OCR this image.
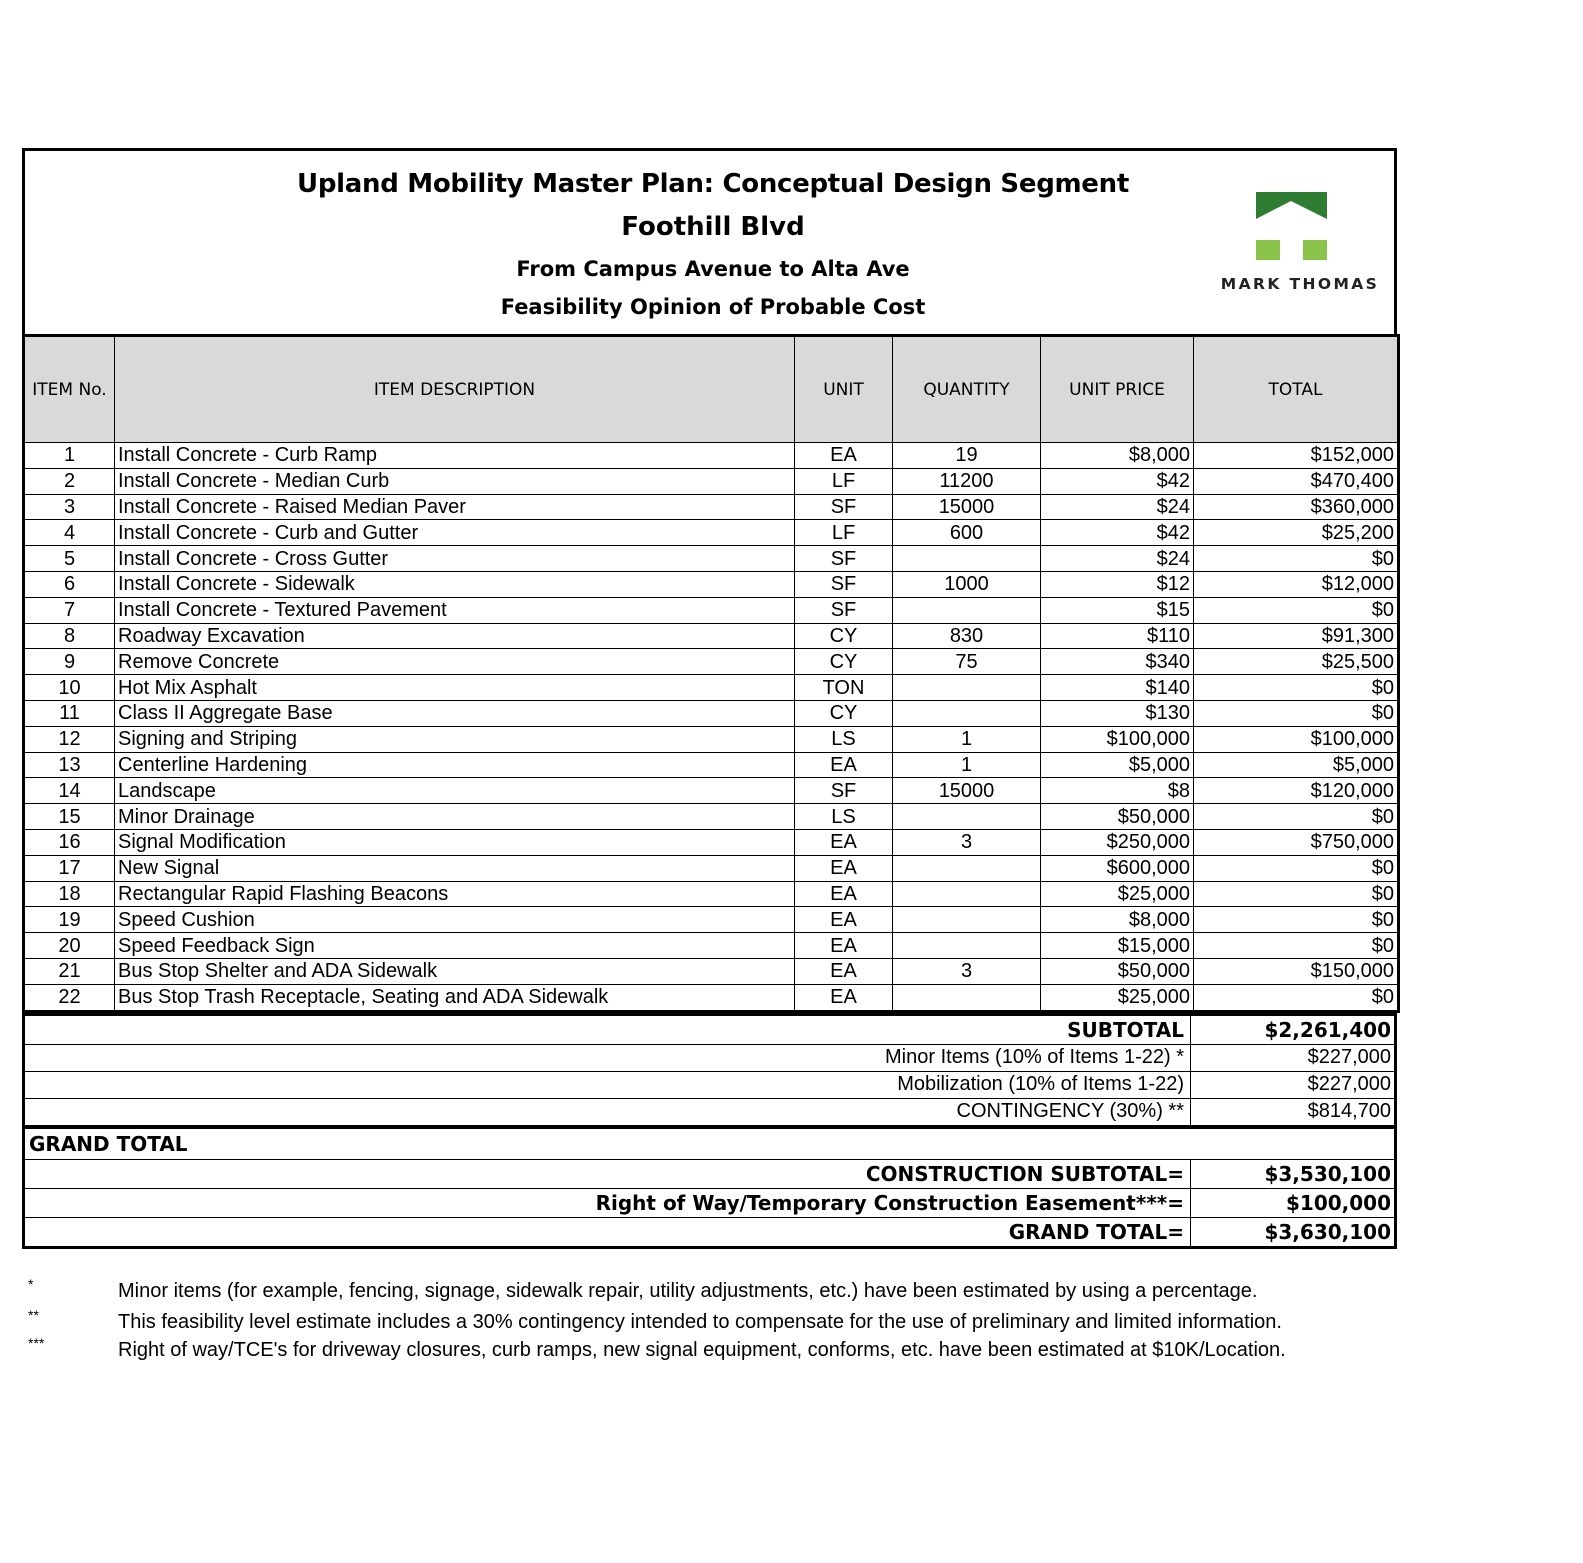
Upland Mobility Master Plan: Conceptual Design Segment
Foothill Blvd
From Campus Avenue to Alta Ave
Feasibility Opinion of Probable Cost
MARK THOMAS
ITEM No.	ITEM DESCRIPTION	UNIT	QUANTITY	UNIT PRICE	TOTAL
1	Install Concrete - Curb Ramp	EA	19	$8,000	$152,000
2	Install Concrete - Median Curb	LF	11200	$42	$470,400
3	Install Concrete - Raised Median Paver	SF	15000	$24	$360,000
4	Install Concrete - Curb and Gutter	LF	600	$42	$25,200
5	Install Concrete - Cross Gutter	SF		$24	$0
6	Install Concrete - Sidewalk	SF	1000	$12	$12,000
7	Install Concrete - Textured Pavement	SF		$15	$0
8	Roadway Excavation	CY	830	$110	$91,300
9	Remove Concrete	CY	75	$340	$25,500
10	Hot Mix Asphalt	TON		$140	$0
11	Class II Aggregate Base	CY		$130	$0
12	Signing and Striping	LS	1	$100,000	$100,000
13	Centerline Hardening	EA	1	$5,000	$5,000
14	Landscape	SF	15000	$8	$120,000
15	Minor Drainage	LS		$50,000	$0
16	Signal Modification	EA	3	$250,000	$750,000
17	New Signal	EA		$600,000	$0
18	Rectangular Rapid Flashing Beacons	EA		$25,000	$0
19	Speed Cushion	EA		$8,000	$0
20	Speed Feedback Sign	EA		$15,000	$0
21	Bus Stop Shelter and ADA Sidewalk	EA	3	$50,000	$150,000
22	Bus Stop Trash Receptacle, Seating and ADA Sidewalk	EA		$25,000	$0
SUBTOTAL	$2,261,400
Minor Items (10% of Items 1-22) *	$227,000
Mobilization (10% of Items 1-22)	$227,000
CONTINGENCY (30%) **	$814,700
GRAND TOTAL	
CONSTRUCTION SUBTOTAL=	$3,530,100
Right of Way/Temporary Construction Easement***=	$100,000
GRAND TOTAL=	$3,630,100
*	Minor items (for example, fencing, signage, sidewalk repair, utility adjustments, etc.) have been estimated by using a percentage.
**	This feasibility level estimate includes a 30% contingency intended to compensate for the use of preliminary and limited information.
***	Right of way/TCE's for driveway closures, curb ramps, new signal equipment, conforms, etc. have been estimated at $10K/Location.
